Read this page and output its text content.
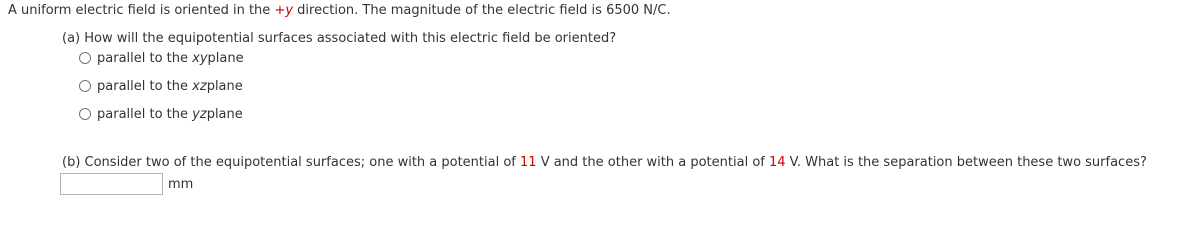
A uniform electric field is oriented in the +y direction. The magnitude of the electric field is 6500 N/C.
(a) How will the equipotential surfaces associated with this electric field be oriented?
parallel to the
xy plane
parallel to the
xz plane
parallel to the
yz plane
(b) Consider two of the equipotential surfaces; one with a potential of 11 V and the other with a potential of 14 V. What is the separation between these two surfaces?
mm
